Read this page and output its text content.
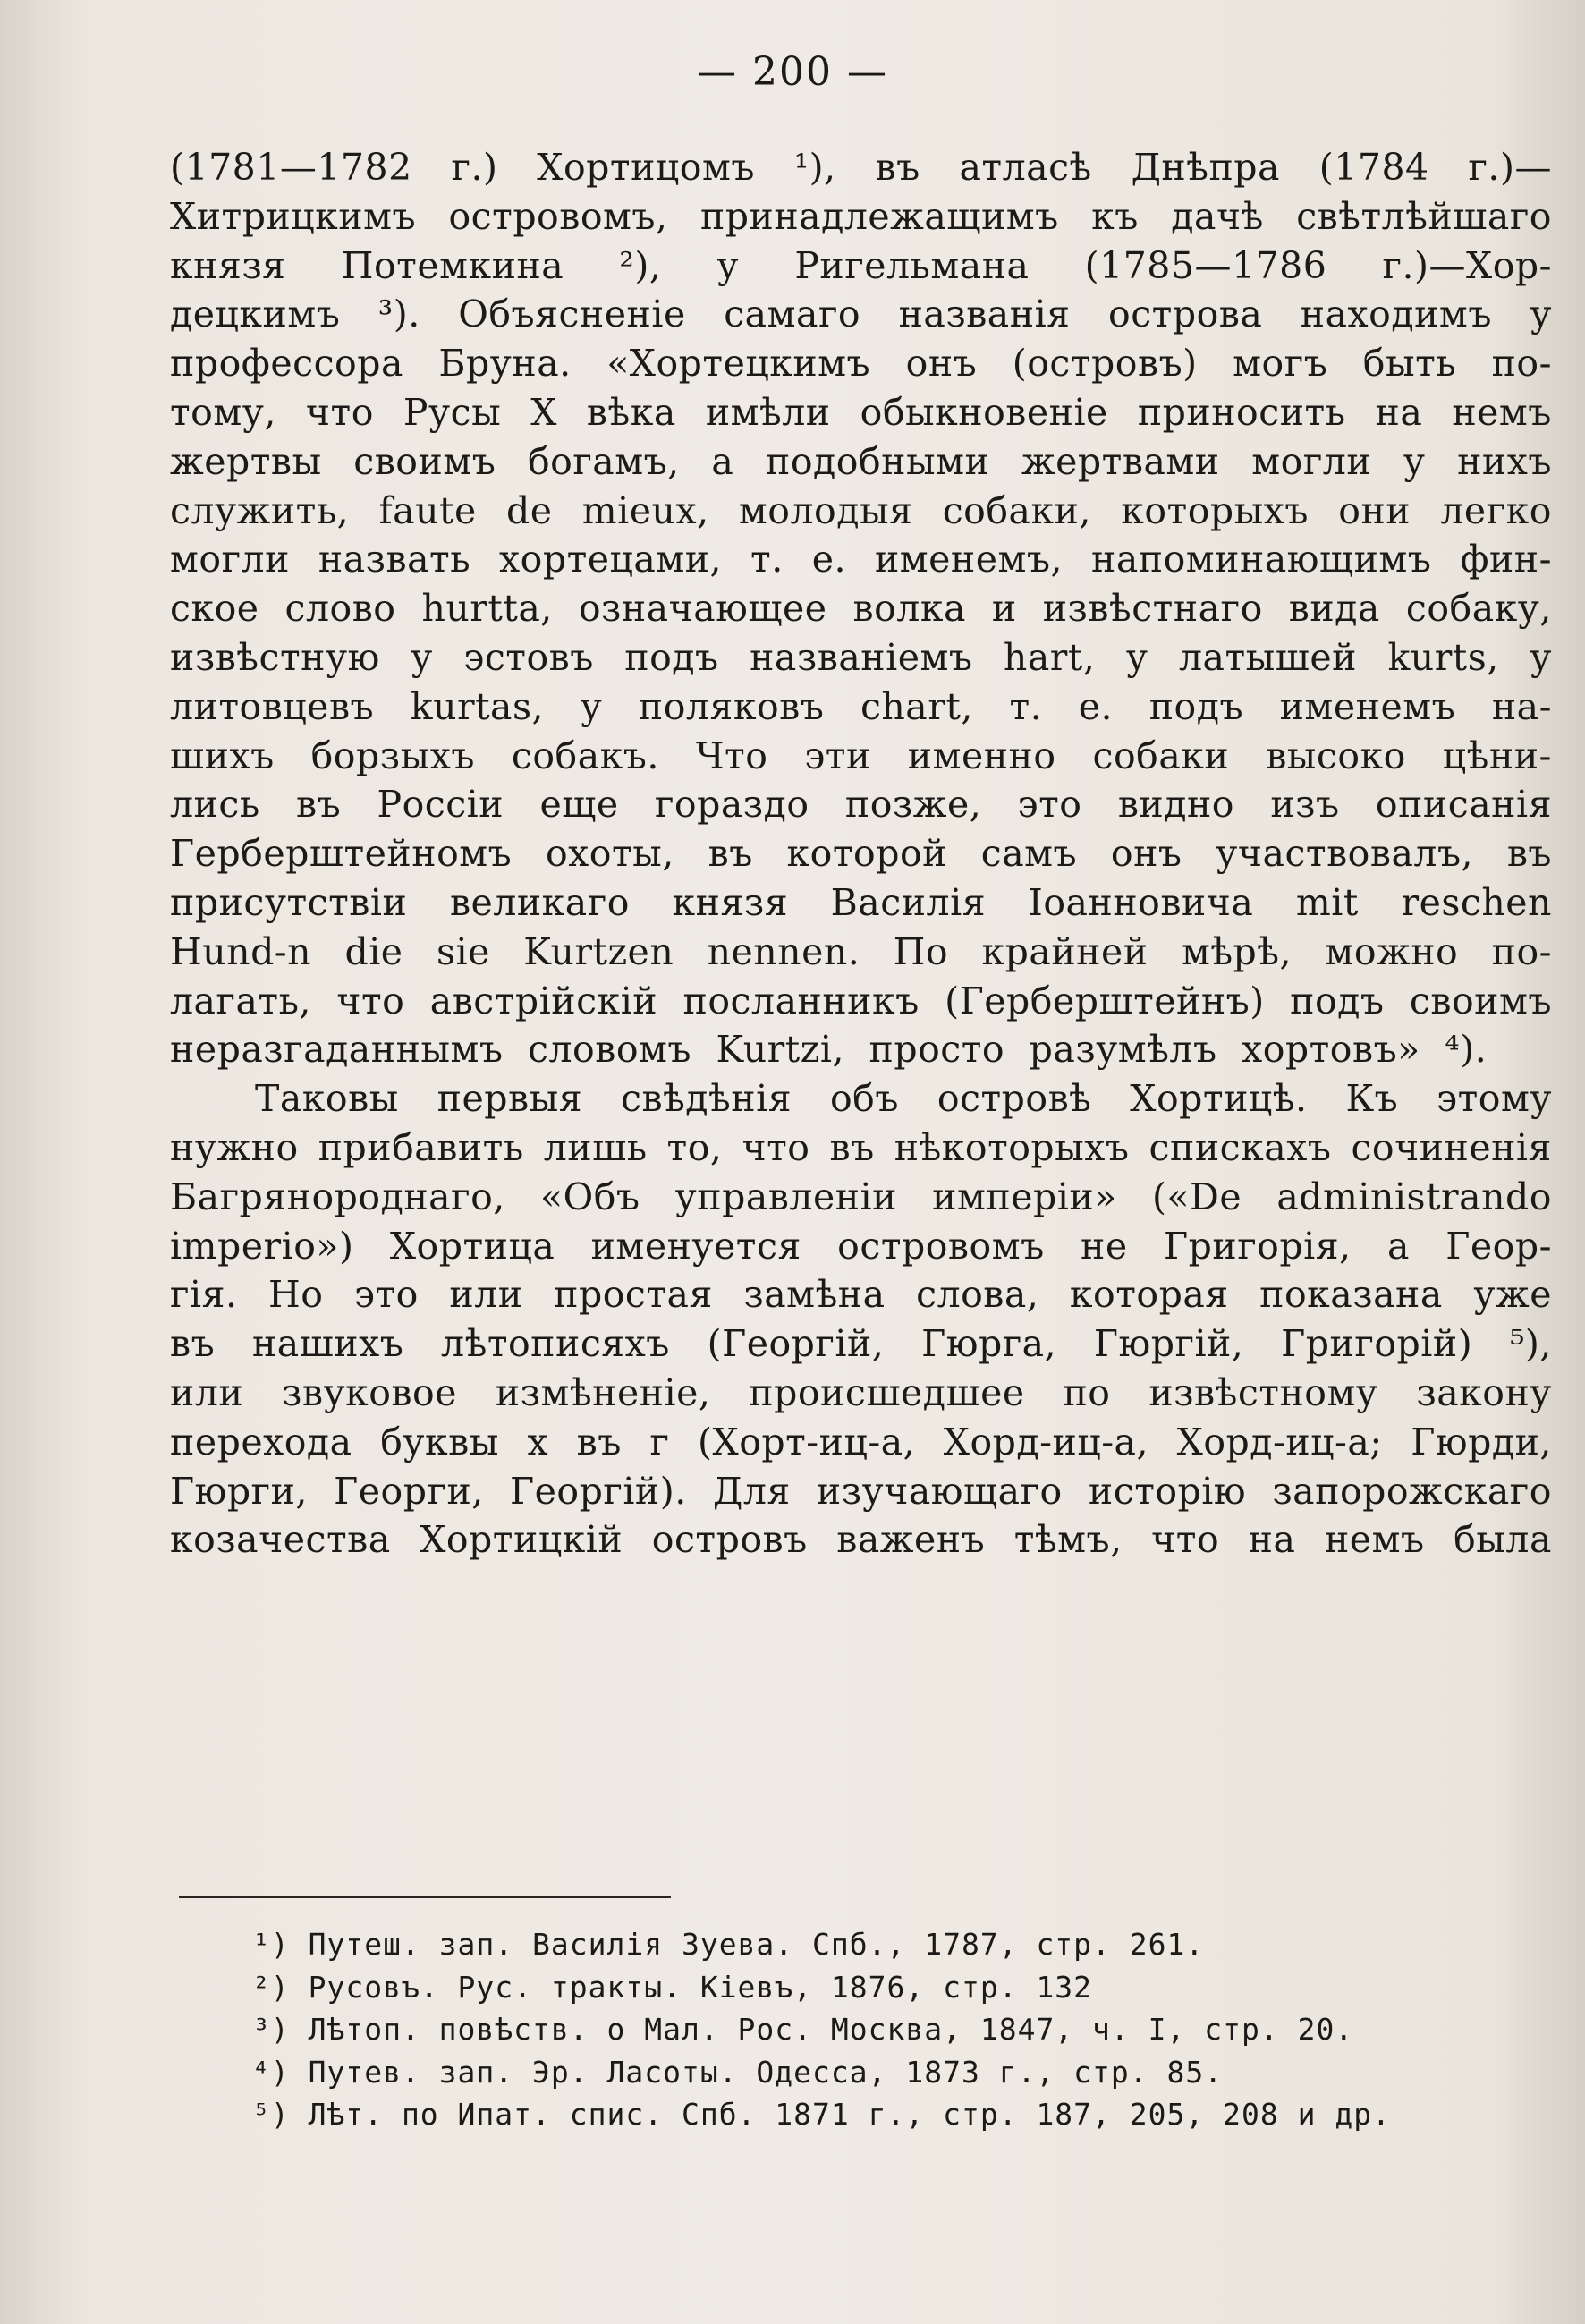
— 200 —
(1781—1782 г.) Хортицомъ ¹), въ атласѣ Днѣпра (1784 г.)—
Хитрицкимъ островомъ, принадлежащимъ къ дачѣ свѣтлѣйшаго
князя Потемкина ²), у Ригельмана (1785—1786 г.)—Хор-
децкимъ ³). Объясненіе самаго названія острова находимъ у
профессора Бруна. «Хортецкимъ онъ (островъ) могъ быть по-
тому, что Русы X вѣка имѣли обыкновеніе приносить на немъ
жертвы своимъ богамъ, а подобными жертвами могли у нихъ
служить, faute de mieux, молодыя собаки, которыхъ они легко
могли назвать хортецами, т. е. именемъ, напоминающимъ фин-
ское слово hurtta, означающее волка и извѣстнаго вида собаку,
извѣстную у эстовъ подъ названіемъ hart, у латышей kurts, у
литовцевъ kurtas, у поляковъ chart, т. е. подъ именемъ на-
шихъ борзыхъ собакъ. Что эти именно собаки высоко цѣни-
лись въ Россіи еще гораздо позже, это видно изъ описанія
Герберштейномъ охоты, въ которой самъ онъ участвовалъ, въ
присутствіи великаго князя Василія Іоанновича mit reschen
Hund-n die sie Kurtzen nennen. По крайней мѣрѣ, можно по-
лагать, что австрійскій посланникъ (Герберштейнъ) подъ своимъ
неразгаданнымъ словомъ Kurtzi, просто разумѣлъ хортовъ» ⁴).
Таковы первыя свѣдѣнія объ островѣ Хортицѣ. Къ этому
нужно прибавить лишь то, что въ нѣкоторыхъ спискахъ сочиненія
Багрянороднаго, «Объ управленіи имперіи» («De administrando
imperio») Хортица именуется островомъ не Григорія, а Геор-
гія. Но это или простая замѣна слова, которая показана уже
въ нашихъ лѣтописяхъ (Георгій, Гюрга, Гюргій, Григорій) ⁵),
или звуковое измѣненіе, происшедшее по извѣстному закону
перехода буквы х въ г (Хорт-иц-а, Хорд-иц-а, Хорд-иц-а; Гюрди,
Гюрги, Георги, Георгій). Для изучающаго исторію запорожскаго
козачества Хортицкій островъ важенъ тѣмъ, что на немъ была
¹) Путеш. зап. Василія Зуева. Спб., 1787, стр. 261.
²) Русовъ. Рус. тракты. Кіевъ, 1876, стр. 132
³) Лѣтоп. повѣств. о Мал. Рос. Москва, 1847, ч. I, стр. 20.
⁴) Путев. зап. Эр. Ласоты. Одесса, 1873 г., стр. 85.
⁵) Лѣт. по Ипат. спис. Спб. 1871 г., стр. 187, 205, 208 и др.
